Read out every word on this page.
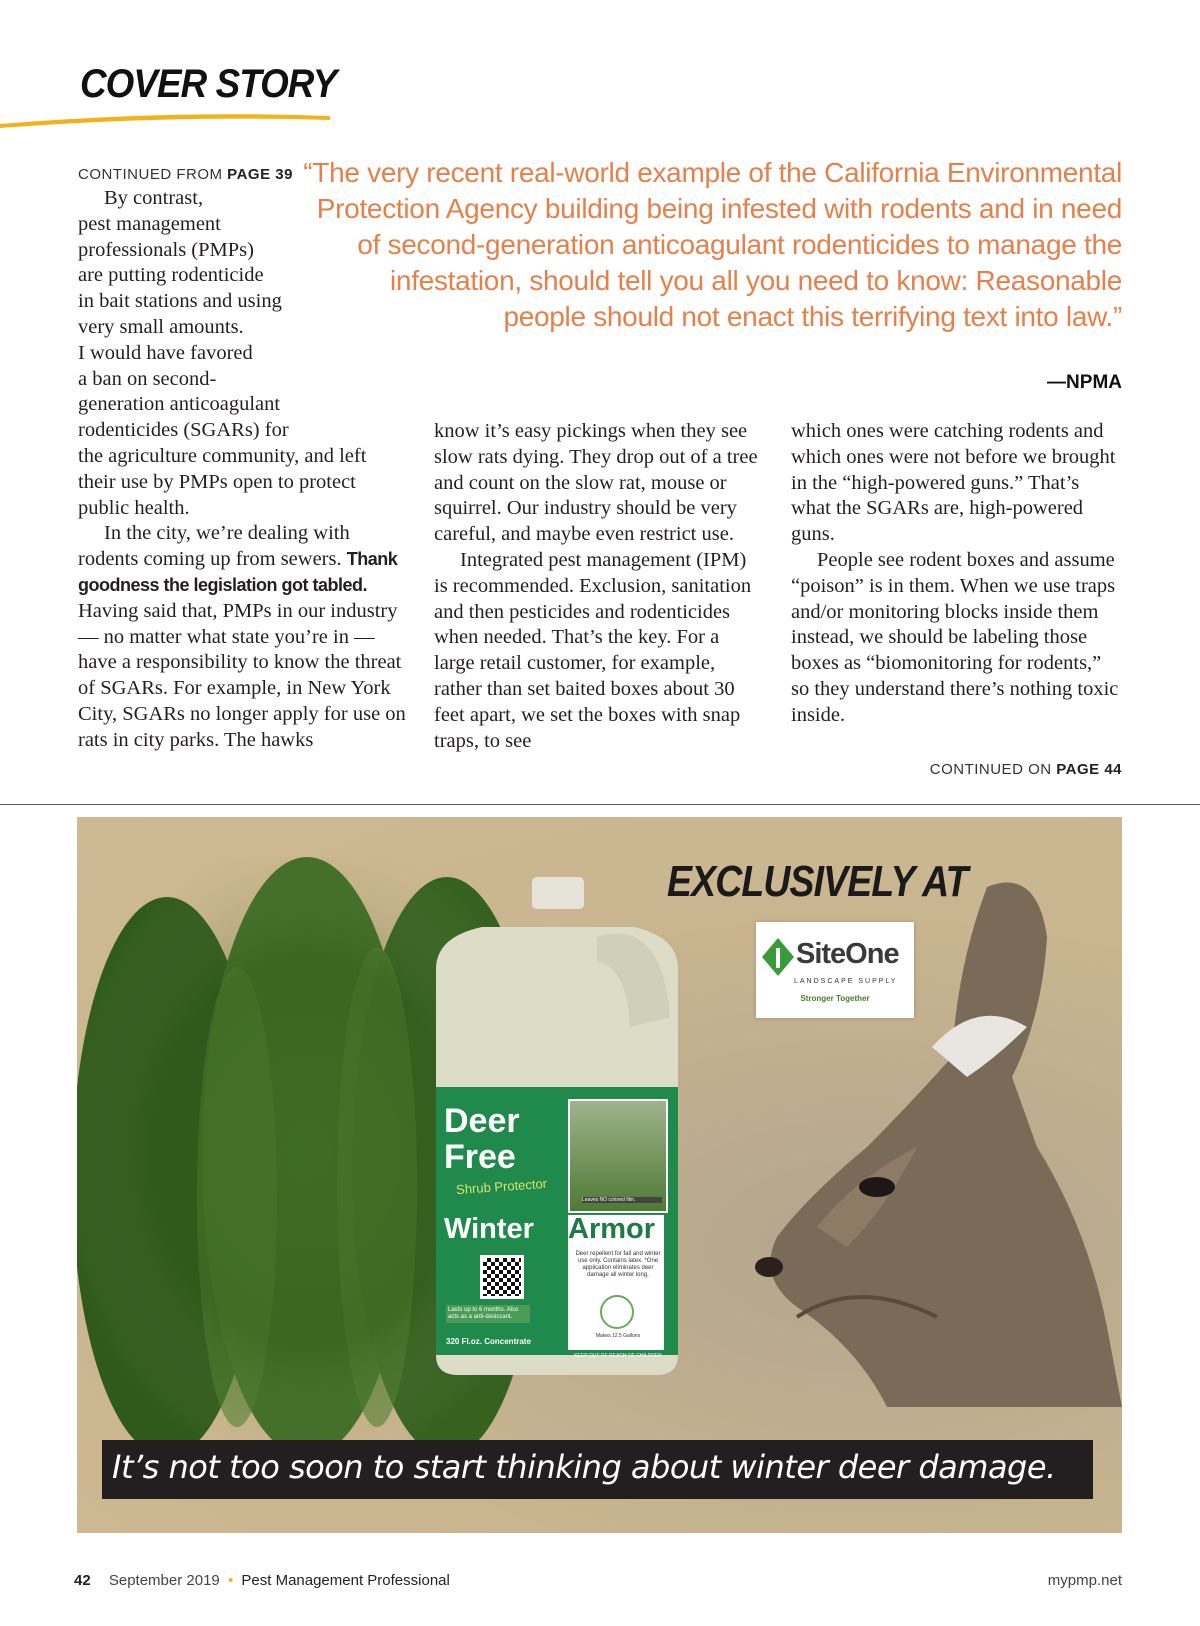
COVER STORY
CONTINUED FROM PAGE 39
By contrast,
pest management
professionals (PMPs)
are putting rodenticide
in bait stations and using
very small amounts.
I would have favored
a ban on second-
generation anticoagulant
rodenticides (SGARs) for

the agriculture community, and left their use by PMPs open to protect public health.

In the city, we’re dealing with rodents coming up from sewers. Thank goodness the legislation got tabled. Having said that, PMPs in our industry — no matter what state you’re in — have a responsibility to know the threat of SGARs. For example, in New York City, SGARs no longer apply for use on rats in city parks. The hawks

“The very recent real-world example of the California Environmental Protection Agency building being infested with rodents and in need of second-generation anticoagulant rodenticides to manage the infestation, should tell you all you need to know: Reasonable people should not enact this terrifying text into law.”
—NPMA

know it’s easy pickings when they see slow rats dying. They drop out of a tree and count on the slow rat, mouse or squirrel. Our industry should be very careful, and maybe even restrict use.

Integrated pest management (IPM) is recommended. Exclusion, sanitation and then pesticides and rodenticides when needed. That’s the key. For a large retail customer, for example, rather than set baited boxes about 30 feet apart, we set the boxes with snap traps, to see

which ones were catching rodents and which ones were not before we brought in the “high-powered guns.” That’s what the SGARs are, high-powered guns.

People see rodent boxes and assume “poison” is in them. When we use traps and/or monitoring blocks inside them instead, we should be labeling those boxes as “biomonitoring for rodents,” so they understand there’s nothing toxic inside.

CONTINUED ON PAGE 44
EXCLUSIVELY AT
SiteOne
LANDSCAPE SUPPLY
Stronger Together
Deer
Free
Shrub Protector
Leaves NO colored film.
Winter Armor
Deer repellent for fall and winter use only. Contains latex. *One application eliminates deer damage all winter long.
Makes 12.5 Gallons
Lasts up to 6 months. Also acts as a anti-desiccant.
320 Fl.oz. Concentrate
KEEP OUT OF REACH OF CHILDREN
It’s not too soon to start thinking about winter deer damage.
42 September 2019 • Pest Management Professional	mypmp.net
